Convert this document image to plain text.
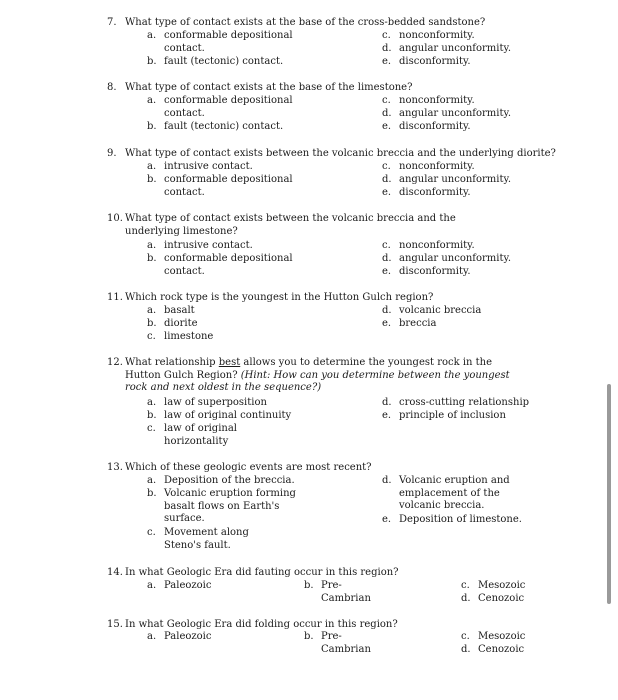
7. What type of contact exists at the base of the cross-bedded sandstone?
a. conformable depositional contact.
b. fault (tectonic) contact.
c. nonconformity.
d. angular unconformity.
e. disconformity.
8. What type of contact exists at the base of the limestone?
a. conformable depositional contact.
b. fault (tectonic) contact.
c. nonconformity.
d. angular unconformity.
e. disconformity.
9. What type of contact exists between the volcanic breccia and the underlying diorite?
a. intrusive contact.
b. conformable depositional contact.
c. nonconformity.
d. angular unconformity.
e. disconformity.
10. What type of contact exists between the volcanic breccia and the underlying limestone?
a. intrusive contact.
b. conformable depositional contact.
c. nonconformity.
d. angular unconformity.
e. disconformity.
11. Which rock type is the youngest in the Hutton Gulch region?
a. basalt
b. diorite
c. limestone
d. volcanic breccia
e. breccia
12. What relationship best allows you to determine the youngest rock in the Hutton Gulch Region? (Hint: How can you determine between the youngest rock and next oldest in the sequence?)
a. law of superposition
b. law of original continuity
c. law of original horizontality
d. cross-cutting relationship
e. principle of inclusion
13. Which of these geologic events are most recent?
a. Deposition of the breccia.
b. Volcanic eruption forming basalt flows on Earth's surface.
c. Movement along Steno's fault.
d. Volcanic eruption and emplacement of the volcanic breccia.
e. Deposition of limestone.
14. In what Geologic Era did fauting occur in this region?
a. Paleozoic	b. Pre-Cambrian
c. Mesozoic
d. Cenozoic
15. In what Geologic Era did folding occur in this region?
a. Paleozoic	b. Pre-Cambrian
c. Mesozoic
d. Cenozoic
